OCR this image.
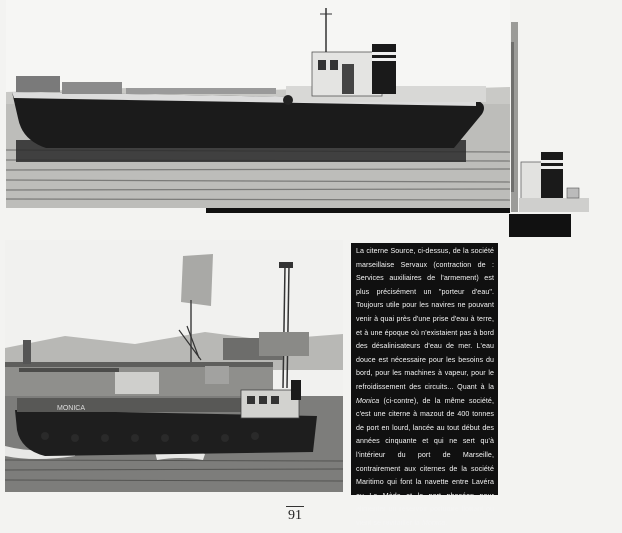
MONICA
La citerne Source, ci-dessus, de la société marseillaise Servaux (contraction de : Services auxiliaires de l'armement) est plus précisément un "porteur d'eau". Toujours utile pour les navires ne pouvant venir à quai près d'une prise d'eau à terre, et à une époque où n'existaient pas à bord des désalinisateurs d'eau de mer. L'eau douce est nécessaire pour les besoins du bord, pour les machines à vapeur, pour le refroidissement des circuits... Quant à la Monica (ci-contre), de la même société, c'est une citerne à mazout de 400 tonnes de port en lourd, lancée au tout début des années cinquante et qui ne sert qu'à l'intérieur du port de Marseille, contrairement aux citernes de la société Maritimo qui font la navette entre Lavéra ou La Mède et le port phocéen pour alimenter un réservoir portuaire flottant où vient se ravitailler la Monica.
91
